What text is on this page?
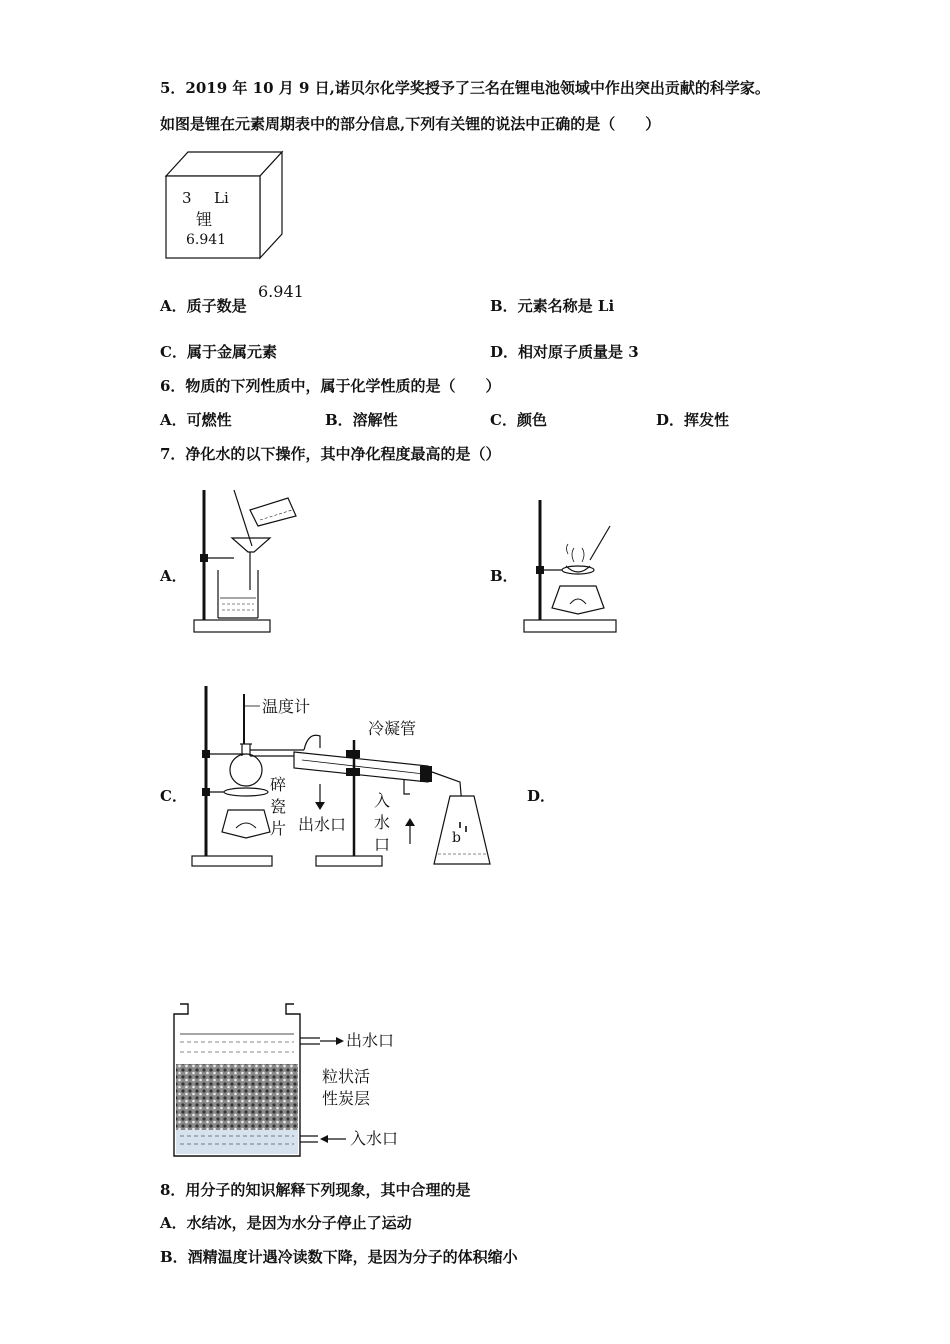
5．2019 年 10 月 9 日,诺贝尔化学奖授予了三名在锂电池领域中作出突出贡献的科学家。
如图是锂在元素周期表中的部分信息,下列有关锂的说法中正确的是（　　）
3 Li
锂
6.941
A．质子数是
6.941
B．元素名称是 Li
C．属于金属元素	D．相对原子质量是 3
6．物质的下列性质中，属于化学性质的是（　　）
A．可燃性	B．溶解性	C．颜色	D．挥发性
7．净化水的以下操作，其中净化程度最高的是（）
A．	B．
C．
b
温度计
冷凝管
碎
瓷
片 出水口
入
水
口
D．
出水口
粒状活
性炭层
入水口
8．用分子的知识解释下列现象，其中合理的是
A．水结冰，是因为水分子停止了运动
B．酒精温度计遇冷读数下降，是因为分子的体积缩小
